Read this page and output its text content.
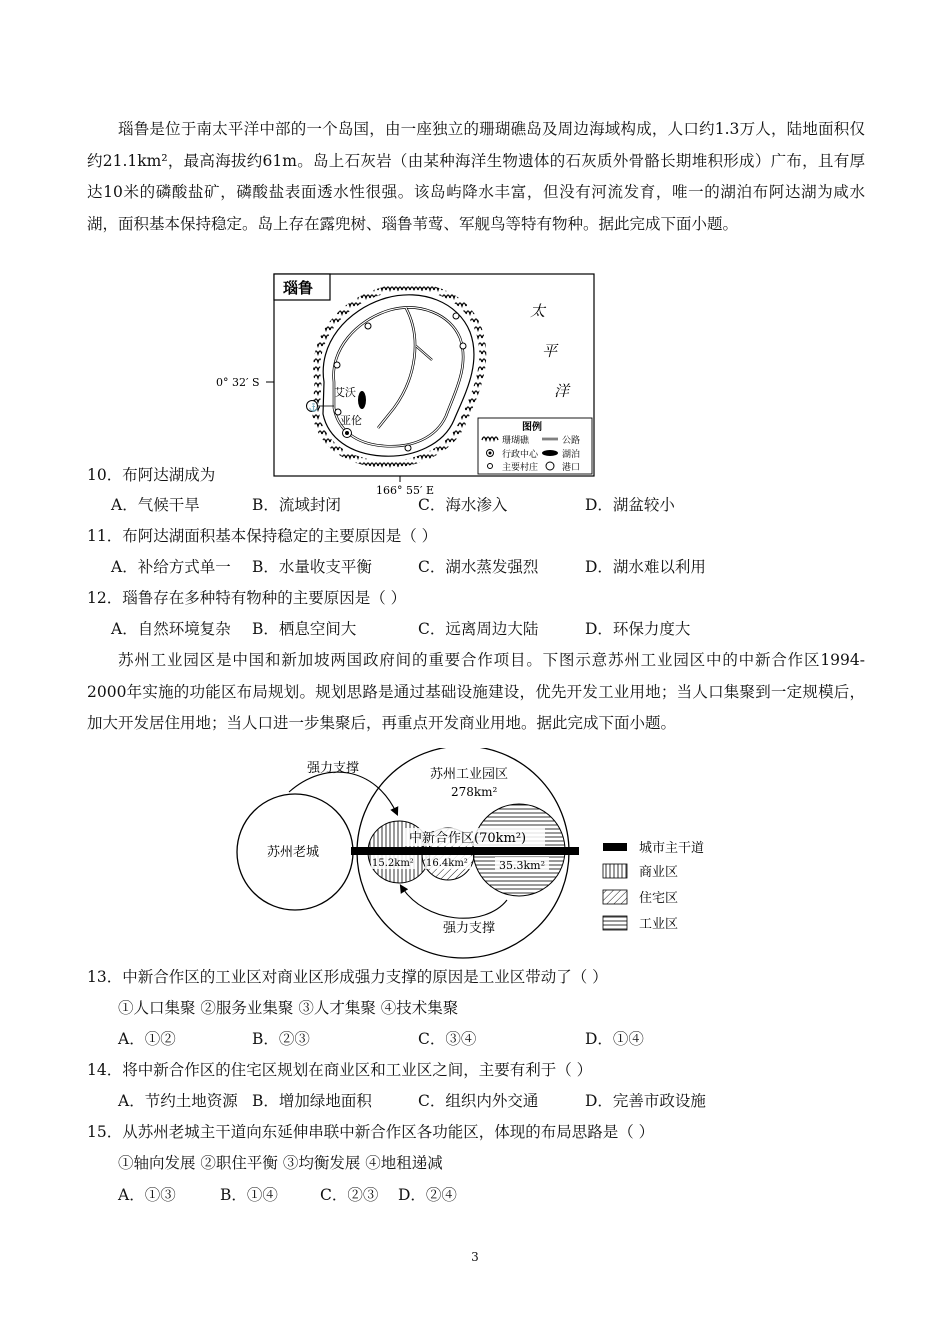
瑙鲁是位于南太平洋中部的一个岛国，由一座独立的珊瑚礁岛及周边海域构成，人口约1.3万人，陆地面积仅约21.1km²，最高海拔约61m。岛上石灰岩（由某种海洋生物遗体的石灰质外骨骼长期堆积形成）广布，且有厚达10米的磷酸盐矿，磷酸盐表面透水性很强。该岛屿降水丰富，但没有河流发育，唯一的湖泊布阿达湖为咸水湖，面积基本保持稳定。岛上存在露兜树、瑙鲁苇莺、军舰鸟等特有物种。据此完成下面小题。
瑙鲁
⚓
艾沃
亚伦
太
平
洋
0° 32′ S
166° 55′ E
图例
珊瑚礁	公路
行政中心	湖泊
主要村庄	港口
10．布阿达湖成为
A．气候干旱	B．流域封闭	C．海水渗入	D．湖盆较小
11．布阿达湖面积基本保持稳定的主要原因是（ ）
A．补给方式单一 B．水量收支平衡	C．湖水蒸发强烈	D．湖水难以利用
12．瑙鲁存在多种特有物种的主要原因是（ ）
A．自然环境复杂 B．栖息空间大	C．远离周边大陆	D．环保力度大
苏州工业园区是中国和新加坡两国政府间的重要合作项目。下图示意苏州工业园区中的中新合作区1994-2000年实施的功能区布局规划。规划思路是通过基础设施建设，优先开发工业用地；当人口集聚到一定规模后，加大开发居住用地；当人口进一步集聚后，再重点开发商业用地。据此完成下面小题。
苏州老城
苏州工业园区
278km²
中新合作区(70km²)
15.2km² 16.4km²	35.3km²
强力支撑
强力支撑
城市主干道
商业区
住宅区
工业区
13．中新合作区的工业区对商业区形成强力支撑的原因是工业区带动了（ ）
①人口集聚 ②服务业集聚 ③人才集聚 ④技术集聚
A．①②	B．②③	C．③④	D．①④
14．将中新合作区的住宅区规划在商业区和工业区之间，主要有利于（ ）
A．节约土地资源 B．增加绿地面积	C．组织内外交通	D．完善市政设施
15．从苏州老城主干道向东延伸串联中新合作区各功能区，体现的布局思路是（ ）
①轴向发展 ②职住平衡 ③均衡发展 ④地租递减
A．①③	B．①④	C．②③ D．②④
3
